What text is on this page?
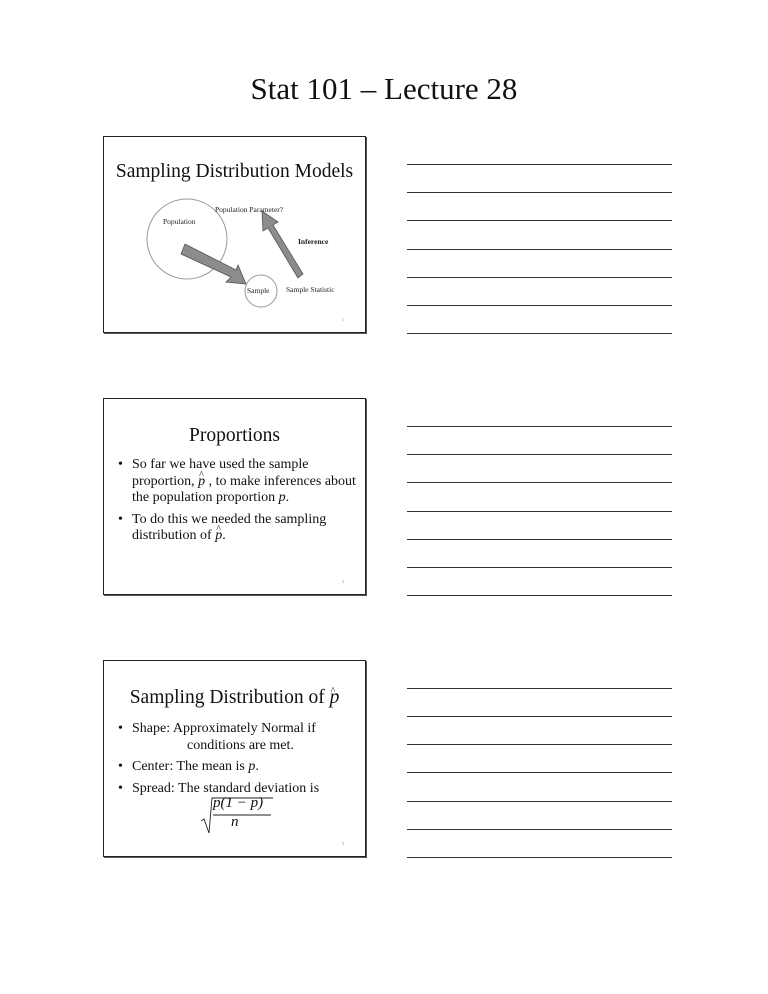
Stat 101 – Lecture 28
Sampling Distribution Models
Population Parameter?
Population
Inference
Sample Sample Statistic
1
Proportions
• So far we have used the sample proportion, p ^ , to make inferences about the population proportion p.
• To do this we needed the sampling distribution of p ^.
2
Sampling Distribution of p ^
• Shape: Approximately Normal if
conditions are met.
• Center: The mean is p.
• Spread: The standard deviation is
p(1 − p)
n
3
